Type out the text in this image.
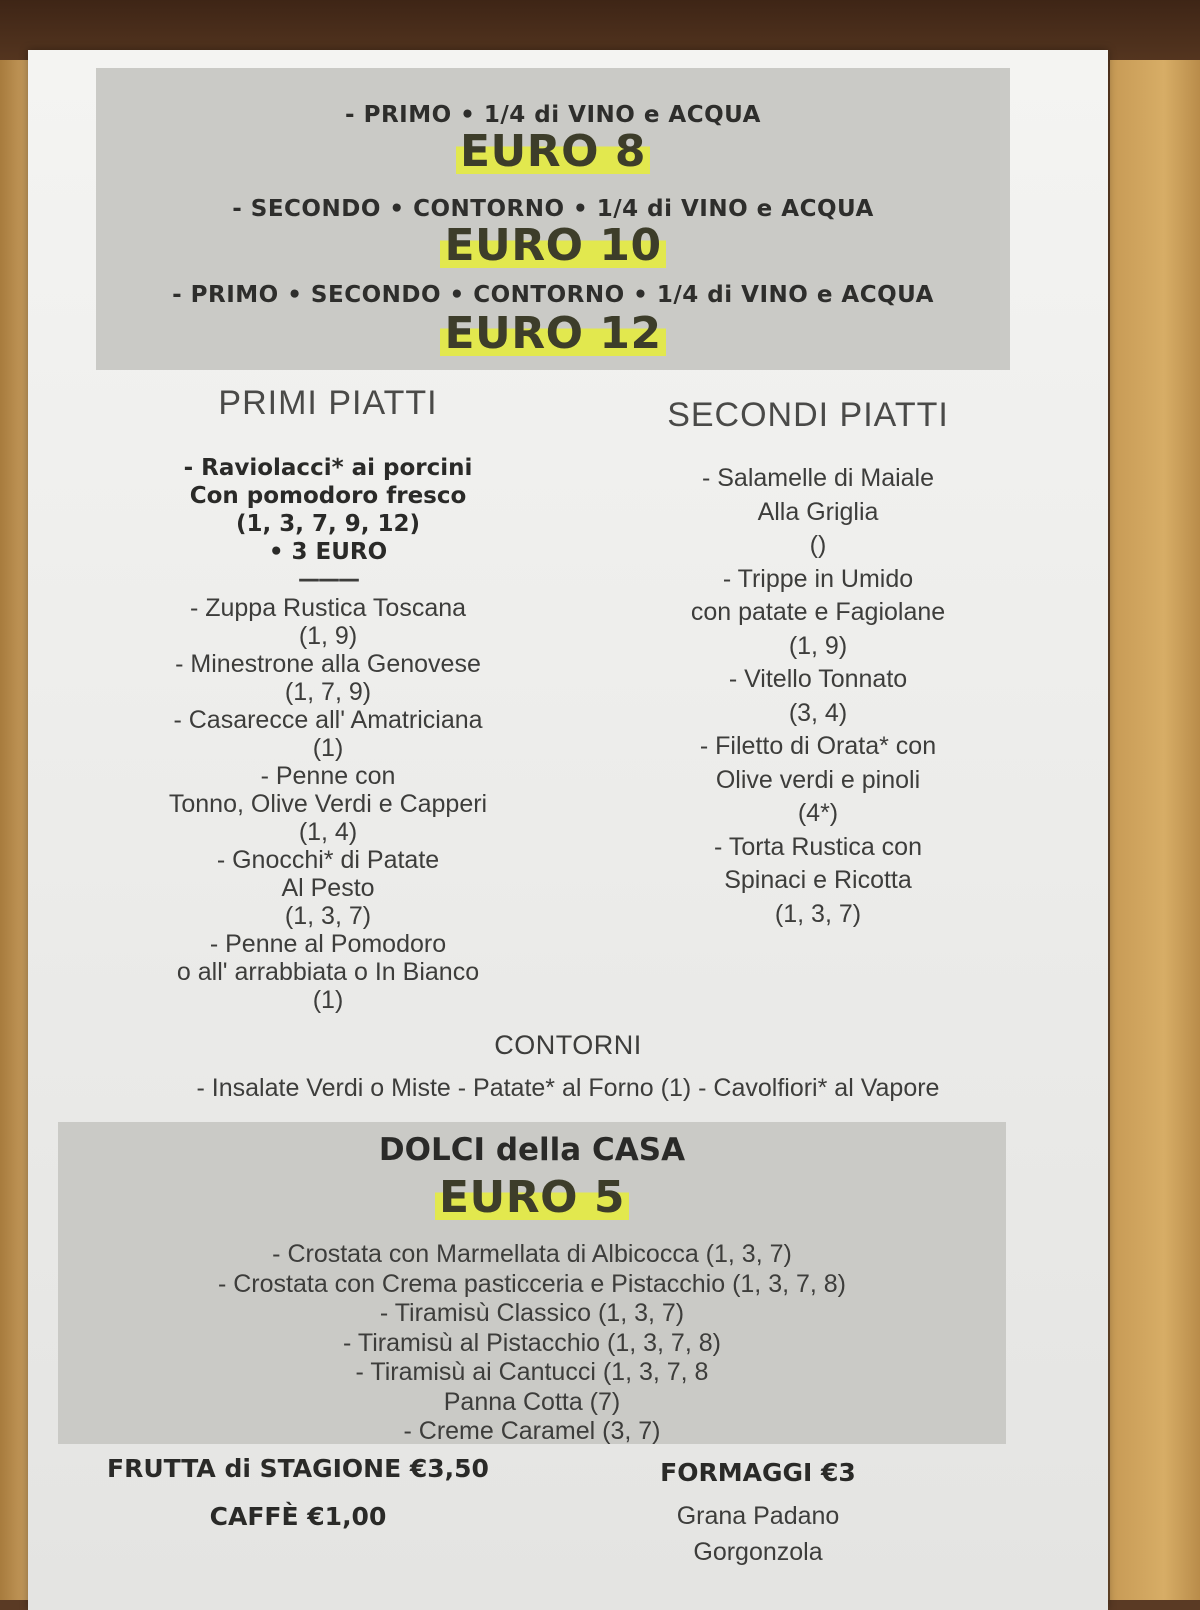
- PRIMO • 1/4 di VINO e ACQUA
EURO 8
- SECONDO • CONTORNO • 1/4 di VINO e ACQUA
EURO 10
- PRIMO • SECONDO • CONTORNO • 1/4 di VINO e ACQUA
EURO 12
PRIMI PIATTI	SECONDI PIATTI
- Raviolacci* ai porcini
Con pomodoro fresco
(1, 3, 7, 9, 12)
• 3 EURO
———
- Zuppa Rustica Toscana
(1, 9)
- Minestrone alla Genovese
(1, 7, 9)
- Casarecce all' Amatriciana
(1)
- Penne con
Tonno, Olive Verdi e Capperi
(1, 4)
- Gnocchi* di Patate
Al Pesto
(1, 3, 7)
- Penne al Pomodoro
o all' arrabbiata o In Bianco
(1)
- Salamelle di Maiale
Alla Griglia
()
- Trippe in Umido
con patate e Fagiolane
(1, 9)
- Vitello Tonnato
(3, 4)
- Filetto di Orata* con
Olive verdi e pinoli
(4*)
- Torta Rustica con
Spinaci e Ricotta
(1, 3, 7)
CONTORNI
- Insalate Verdi o Miste - Patate* al Forno (1) - Cavolfiori* al Vapore
DOLCI della CASA
EURO 5
- Crostata con Marmellata di Albicocca (1, 3, 7)
- Crostata con Crema pasticceria e Pistacchio (1, 3, 7, 8)
- Tiramisù Classico (1, 3, 7)
- Tiramisù al Pistacchio (1, 3, 7, 8)
- Tiramisù ai Cantucci (1, 3, 7, 8
Panna Cotta (7)
- Creme Caramel (3, 7)
FRUTTA di STAGIONE €3,50
CAFFÈ €1,00
FORMAGGI €3
Grana Padano
Gorgonzola
